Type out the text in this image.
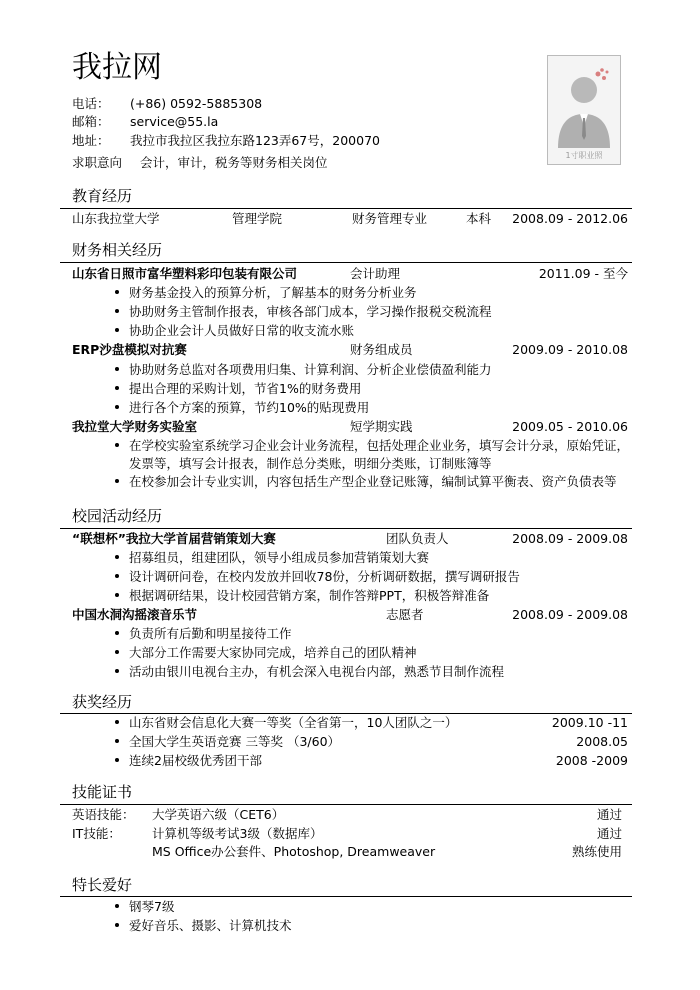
我拉网
电话： (+86) 0592-5885308
邮箱： service@55.la
地址： 我拉市我拉区我拉东路123弄67号，200070
求职意向 会计，审计，税务等财务相关岗位	1寸职业照
教育经历
山东我拉堂大学	管理学院	财务管理专业	本科 2008.09 - 2012.06
财务相关经历
山东省日照市富华塑料彩印包装有限公司	会计助理	2011.09 - 至今
财务基金投入的预算分析，了解基本的财务分析业务
协助财务主管制作报表，审核各部门成本，学习操作报税交税流程
协助企业会计人员做好日常的收支流水账
ERP沙盘模拟对抗赛	财务组成员	2009.09 - 2010.08
协助财务总监对各项费用归集、计算利润、分析企业偿债盈利能力
提出合理的采购计划，节省1%的财务费用
进行各个方案的预算，节约10%的贴现费用
我拉堂大学财务实验室	短学期实践	2009.05 - 2010.06
在学校实验室系统学习企业会计业务流程，包括处理企业业务，填写会计分录，原始凭证，
发票等，填写会计报表，制作总分类账，明细分类账，订制账簿等
在校参加会计专业实训，内容包括生产型企业登记账簿，编制试算平衡表、资产负债表等
校园活动经历
“联想杯”我拉大学首届营销策划大赛	团队负责人	2008.09 - 2009.08
招募组员，组建团队，领导小组成员参加营销策划大赛
设计调研问卷，在校内发放并回收78份，分析调研数据，撰写调研报告
根据调研结果，设计校园营销方案，制作答辩PPT，积极答辩准备
中国水洞沟摇滚音乐节	志愿者	2008.09 - 2009.08
负责所有后勤和明星接待工作
大部分工作需要大家协同完成，培养自己的团队精神
活动由银川电视台主办，有机会深入电视台内部，熟悉节目制作流程
获奖经历
山东省财会信息化大赛一等奖（全省第一，10人团队之一）	2009.10 -11
全国大学生英语竞赛 三等奖 （3/60）	2008.05
连续2届校级优秀团干部	2008 -2009
技能证书
英语技能： 大学英语六级（CET6）	通过
IT技能： 计算机等级考试3级（数据库）	通过
MS Office办公套件、Photoshop, Dreamweaver	熟练使用
特长爱好
钢琴7级
爱好音乐、摄影、计算机技术
